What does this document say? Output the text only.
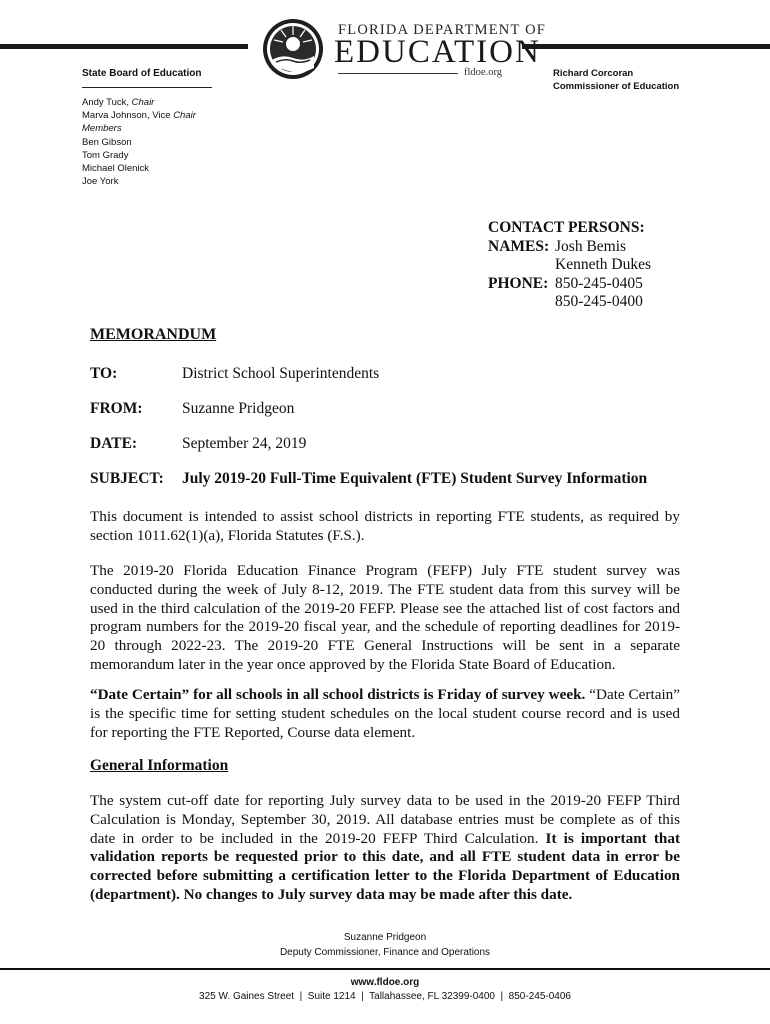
FLORIDA DEPARTMENT OF
EDUCATION
fldoe.org
State Board of Education
Andy Tuck, Chair
Marva Johnson, Vice Chair
Members
Ben Gibson
Tom Grady
Michael Olenick
Joe York
Richard Corcoran
Commissioner of Education
CONTACT PERSONS:
NAMES: Josh Bemis
Kenneth Dukes
PHONE: 850-245-0405
850-245-0400
MEMORANDUM
TO:	District School Superintendents
FROM:	Suzanne Pridgeon
DATE:	September 24, 2019
SUBJECT: July 2019-20 Full-Time Equivalent (FTE) Student Survey Information
This document is intended to assist school districts in reporting FTE students, as required by section 1011.62(1)(a), Florida Statutes (F.S.).
The 2019-20 Florida Education Finance Program (FEFP) July FTE student survey was conducted during the week of July 8-12, 2019. The FTE student data from this survey will be used in the third calculation of the 2019-20 FEFP. Please see the attached list of cost factors and program numbers for the 2019-20 fiscal year, and the schedule of reporting deadlines for 2019-20 through 2022-23. The 2019-20 FTE General Instructions will be sent in a separate memorandum later in the year once approved by the Florida State Board of Education.
“Date Certain” for all schools in all school districts is Friday of survey week. “Date Certain” is the specific time for setting student schedules on the local student course record and is used for reporting the FTE Reported, Course data element.
General Information
The system cut-off date for reporting July survey data to be used in the 2019-20 FEFP Third Calculation is Monday, September 30, 2019. All database entries must be complete as of this date in order to be included in the 2019-20 FEFP Third Calculation. It is important that validation reports be requested prior to this date, and all FTE student data in error be corrected before submitting a certification letter to the Florida Department of Education (department). No changes to July survey data may be made after this date.
Suzanne Pridgeon
Deputy Commissioner, Finance and Operations
www.fldoe.org
325 W. Gaines Street  |  Suite 1214  |  Tallahassee, FL 32399-0400  |  850-245-0406
